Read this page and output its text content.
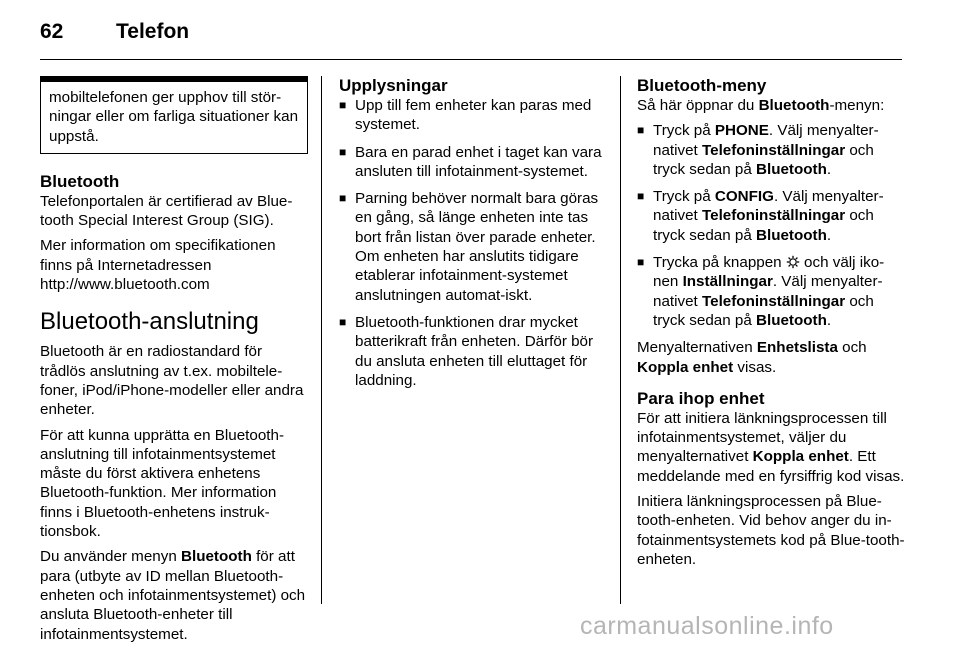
62	Telefon
mobiltelefonen ger upphov till stör-ningar eller om farliga situationer kan uppstå.
Bluetooth

Telefonportalen är certifierad av Blue-tooth Special Interest Group (SIG).

Mer information om specifikationen finns på Internetadressen http://www.bluetooth.com

Bluetooth-anslutning

Bluetooth är en radiostandard för trådlös anslutning av t.ex. mobiltele-foner, iPod/iPhone-modeller eller andra enheter.

För att kunna upprätta en Bluetooth-anslutning till infotainmentsystemet måste du först aktivera enhetens Bluetooth-funktion. Mer information finns i Bluetooth-enhetens instruk-tionsbok.

Du använder menyn Bluetooth för att para (utbyte av ID mellan Bluetooth-enheten och infotainmentsystemet) och ansluta Bluetooth-enheter till infotainmentsystemet.

Upplysningar
■ Upp till fem enheter kan paras med systemet.
■ Bara en parad enhet i taget kan vara ansluten till infotainment-systemet.
■ Parning behöver normalt bara göras en gång, så länge enheten inte tas bort från listan över parade enheter. Om enheten har anslutits tidigare etablerar infotainment-systemet anslutningen automat-iskt.
■ Bluetooth-funktionen drar mycket batterikraft från enheten. Därför bör du ansluta enheten till eluttaget för laddning.
Bluetooth-meny

Så här öppnar du Bluetooth-menyn:

■ Tryck på PHONE. Välj menyalter-nativet Telefoninställningar och tryck sedan på Bluetooth.
■ Tryck på CONFIG. Välj menyalter-nativet Telefoninställningar och tryck sedan på Bluetooth.
■ Trycka på knappen  och välj iko-nen Inställningar. Välj menyalter-nativet Telefoninställningar och tryck sedan på Bluetooth.

Menyalternativen Enhetslista och Koppla enhet visas.

Para ihop enhet

För att initiera länkningsprocessen till infotainmentsystemet, väljer du menyalternativet Koppla enhet. Ett meddelande med en fyrsiffrig kod visas.

Initiera länkningsprocessen på Blue-tooth-enheten. Vid behov anger du in-fotainmentsystemets kod på Blue-tooth-enheten.

carmanualsonline.info
